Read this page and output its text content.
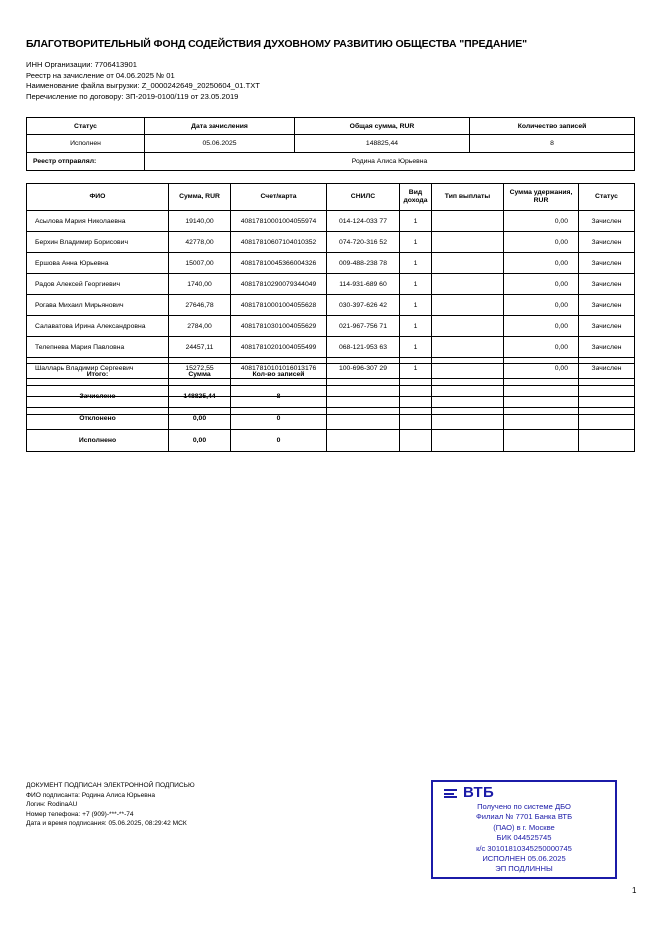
БЛАГОТВОРИТЕЛЬНЫЙ ФОНД СОДЕЙСТВИЯ ДУХОВНОМУ РАЗВИТИЮ ОБЩЕСТВА "ПРЕДАНИЕ"
ИНН Организации: 7706413901
Реестр на зачисление от 04.06.2025 № 01
Наименование файла выгрузки: Z_0000242649_20250604_01.TXT
Перечисление по договору: ЗП-2019-0100/119 от 23.05.2019
Статус	Дата зачисления	Общая сумма, RUR	Количество записей
Исполнен	05.06.2025	148825,44	8
Реестр отправлял:	Родина Алиса Юрьевна		
ФИО	Сумма, RUR	Счет/карта	СНИЛС	Вид дохода	Тип выплаты	Сумма удержания, RUR	Статус
Асылова Мария Николаевна	19140,00	40817810001004055974	014-124-033 77	1		0,00	Зачислен
Берхин Владимир Борисович	42778,00	40817810607104010352	074-720-316 52	1		0,00	Зачислен
Ершова Анна Юрьевна	15007,00	40817810045366004326	009-488-238 78	1		0,00	Зачислен
Радов Алексей Георгиевич	1740,00	40817810290079344049	114-931-689 60	1		0,00	Зачислен
Рогава Михаил Мирьянович	27646,78	40817810001004055628	030-397-626 42	1		0,00	Зачислен
Салаватова Ирина Александровна	2784,00	40817810301004055629	021-967-756 71	1		0,00	Зачислен
Телепнева Мария Павловна	24457,11	40817810201004055499	068-121-953 63	1		0,00	Зачислен
Шалларь Владимир Сергеевич	15272,55	40817810101016013176	100-696-307 29	1		0,00	Зачислен

Итого:	Сумма	Кол-во записей					
Зачислено	148825,44	8					
Отклонено	0,00	0					
Исполнено	0,00	0					
ДОКУМЕНТ ПОДПИСАН ЭЛЕКТРОННОЙ ПОДПИСЬЮ
ФИО подписанта: Родина Алиса Юрьевна
Логин: RodinaAU
Номер телефона: +7 (909)-***-**-74
Дата и время подписания: 05.06.2025, 08:29:42 МСК
ВТБ
Получено по системе ДБО
Филиал № 7701 Банка ВТБ
(ПАО) в г. Москве
БИК 044525745
к/с 30101810345250000745
ИСПОЛНЕН 05.06.2025
ЭП ПОДЛИННЫ
1
